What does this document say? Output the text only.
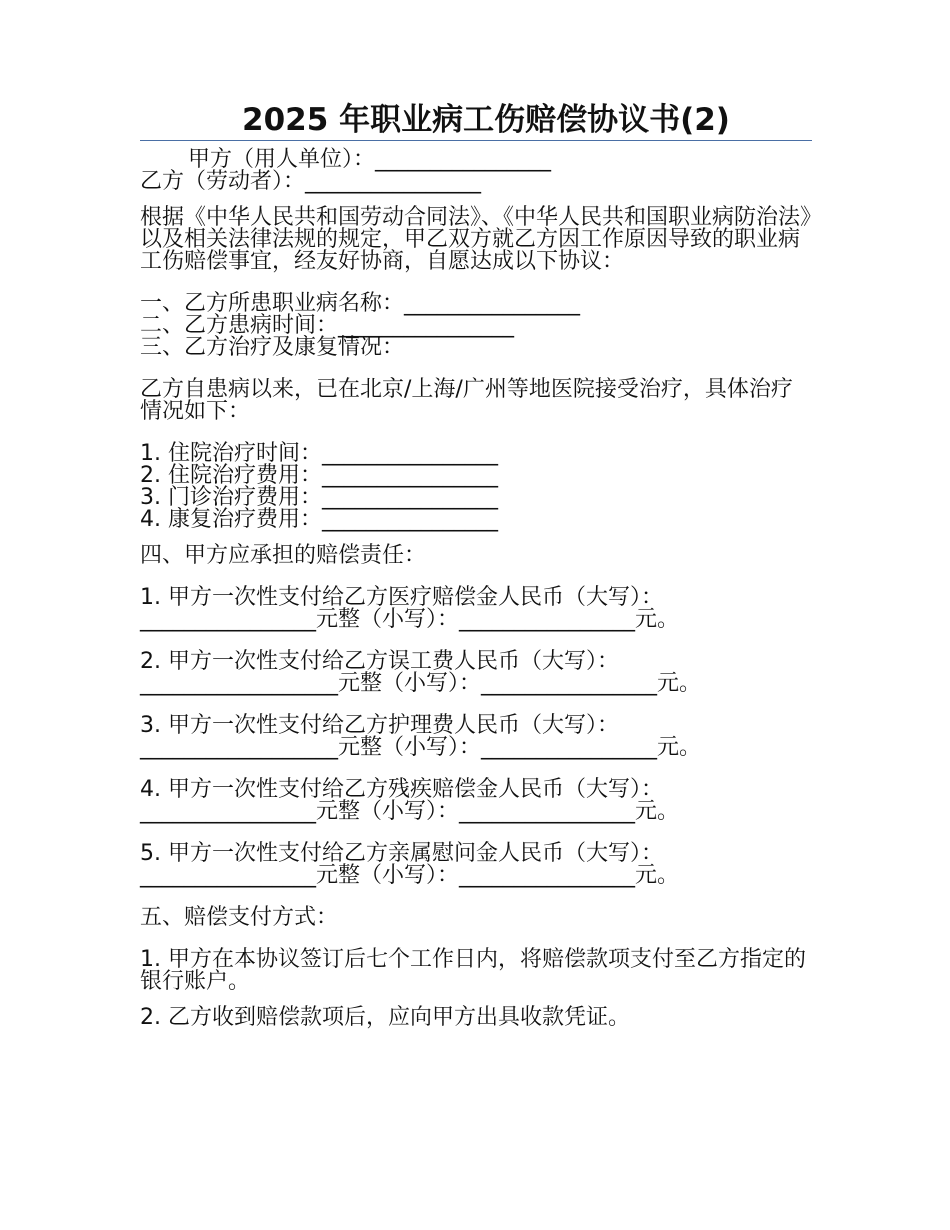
2025 年职业病工伤赔偿协议书(2)

甲方（用人单位）：________________

乙方（劳动者）：________________

根据《中华人民共和国劳动合同法》、《中华人民共和国职业病防治法》以及相关法律法规的规定，甲乙双方就乙方因工作原因导致的职业病工伤赔偿事宜，经友好协商，自愿达成以下协议：

一、乙方所患职业病名称：________________

二、乙方患病时间：________________

三、乙方治疗及康复情况：

乙方自患病以来，已在北京/上海/广州等地医院接受治疗，具体治疗情况如下：

1. 住院治疗时间：________________

2. 住院治疗费用：________________

3. 门诊治疗费用：________________

4. 康复治疗费用：________________

四、甲方应承担的赔偿责任：

1. 甲方一次性支付给乙方医疗赔偿金人民币（大写）：________________元整（小写）：________________元。

2. 甲方一次性支付给乙方误工费人民币（大写）：__________________元整（小写）：________________元。

3. 甲方一次性支付给乙方护理费人民币（大写）：__________________元整（小写）：________________元。

4. 甲方一次性支付给乙方残疾赔偿金人民币（大写）：________________元整（小写）：________________元。

5. 甲方一次性支付给乙方亲属慰问金人民币（大写）：________________元整（小写）：________________元。

五、赔偿支付方式：

1. 甲方在本协议签订后七个工作日内，将赔偿款项支付至乙方指定的银行账户。

2. 乙方收到赔偿款项后，应向甲方出具收款凭证。
